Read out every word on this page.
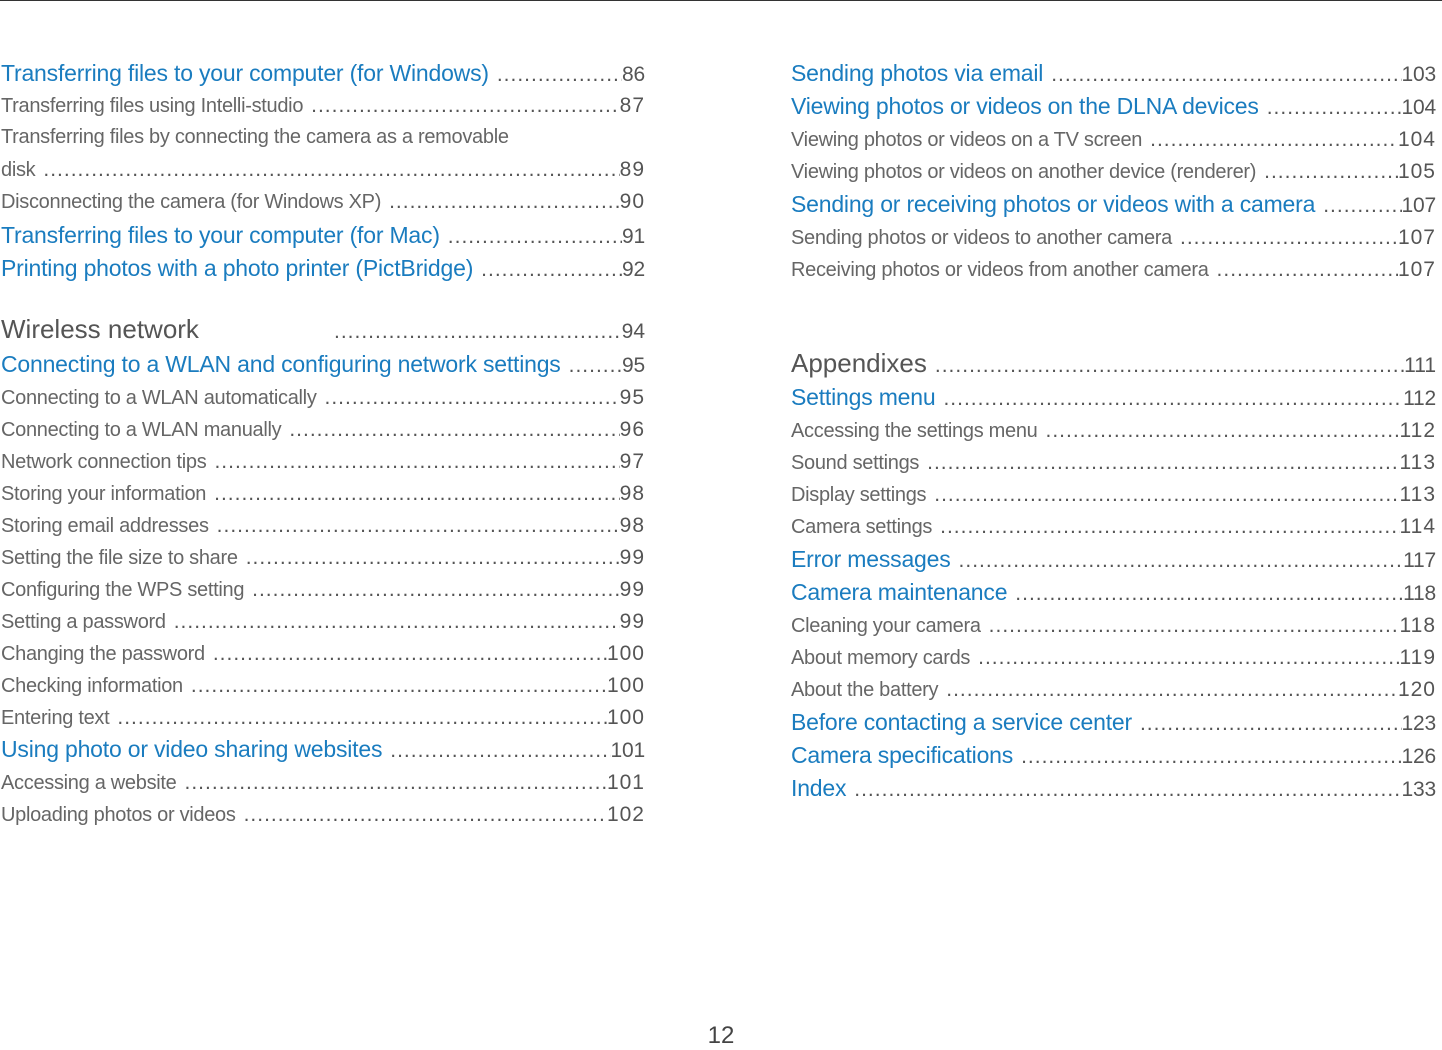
Transferring files to your computer (for Windows) .....	86
Transferring files using Intelli-studio .....	87
Transferring files by connecting the camera as a removable
disk .....	89
Disconnecting the camera (for Windows XP) .....	90
Transferring files to your computer (for Mac) .....	91
Printing photos with a photo printer (PictBridge) .....	92
Wireless network .....	94
Connecting to a WLAN and configuring network settings .....	95
Connecting to a WLAN automatically .....	95
Connecting to a WLAN manually .....	96
Network connection tips .....	97
Storing your information .....	98
Storing email addresses .....	98
Setting the file size to share .....	99
Configuring the WPS setting .....	99
Setting a password .....	99
Changing the password .....	100
Checking information .....	100
Entering text .....	100
Using photo or video sharing websites .....	101
Accessing a website .....	101
Uploading photos or videos .....	102
Sending photos via email .....	103
Viewing photos or videos on the DLNA devices .....	104
Viewing photos or videos on a TV screen .....	104
Viewing photos or videos on another device (renderer) .....	105
Sending or receiving photos or videos with a camera .....	107
Sending photos or videos to another camera .....	107
Receiving photos or videos from another camera .....	107
Appendixes .....	111
Settings menu .....	112
Accessing the settings menu .....	112
Sound settings .....	113
Display settings .....	113
Camera settings .....	114
Error messages .....	117
Camera maintenance .....	118
Cleaning your camera .....	118
About memory cards .....	119
About the battery .....	120
Before contacting a service center .....	123
Camera specifications .....	126
Index .....	133
12
